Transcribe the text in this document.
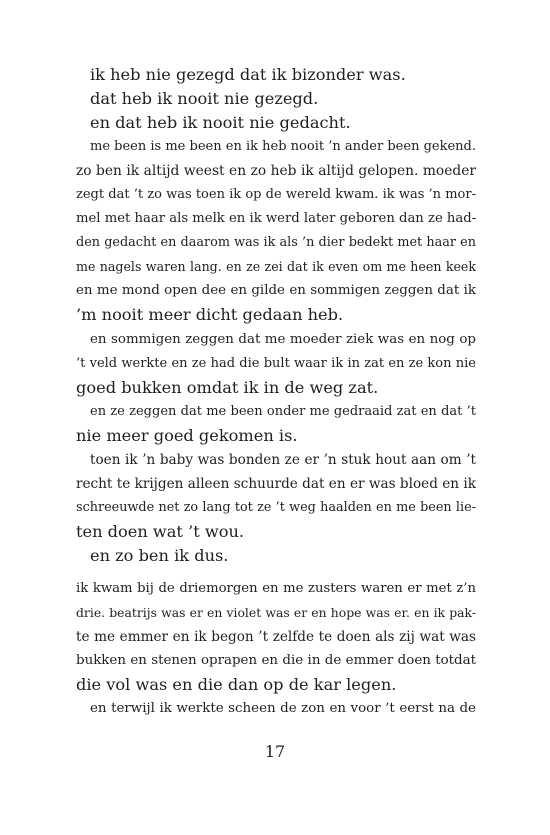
ik heb nie gezegd dat ik bizonder was.
dat heb ik nooit nie gezegd.
en dat heb ik nooit nie gedacht.
me been is me been en ik heb nooit ’n ander been gekend.
zo ben ik altijd weest en zo heb ik altijd gelopen. moeder
zegt dat ’t zo was toen ik op de wereld kwam. ik was ’n mor-
mel met haar als melk en ik werd later geboren dan ze had-
den gedacht en daarom was ik als ’n dier bedekt met haar en
me nagels waren lang. en ze zei dat ik even om me heen keek
en me mond open dee en gilde en sommigen zeggen dat ik
’m nooit meer dicht gedaan heb.
en sommigen zeggen dat me moeder ziek was en nog op
’t veld werkte en ze had die bult waar ik in zat en ze kon nie
goed bukken omdat ik in de weg zat.
en ze zeggen dat me been onder me gedraaid zat en dat ’t
nie meer goed gekomen is.
toen ik ’n baby was bonden ze er ’n stuk hout aan om ’t
recht te krijgen alleen schuurde dat en er was bloed en ik
schreeuwde net zo lang tot ze ’t weg haalden en me been lie-
ten doen wat ’t wou.
en zo ben ik dus.
ik kwam bij de driemorgen en me zusters waren er met z’n
drie. beatrijs was er en violet was er en hope was er. en ik pak-
te me emmer en ik begon ’t zelfde te doen als zij wat was
bukken en stenen oprapen en die in de emmer doen totdat
die vol was en die dan op de kar legen.
en terwijl ik werkte scheen de zon en voor ’t eerst na de
17
